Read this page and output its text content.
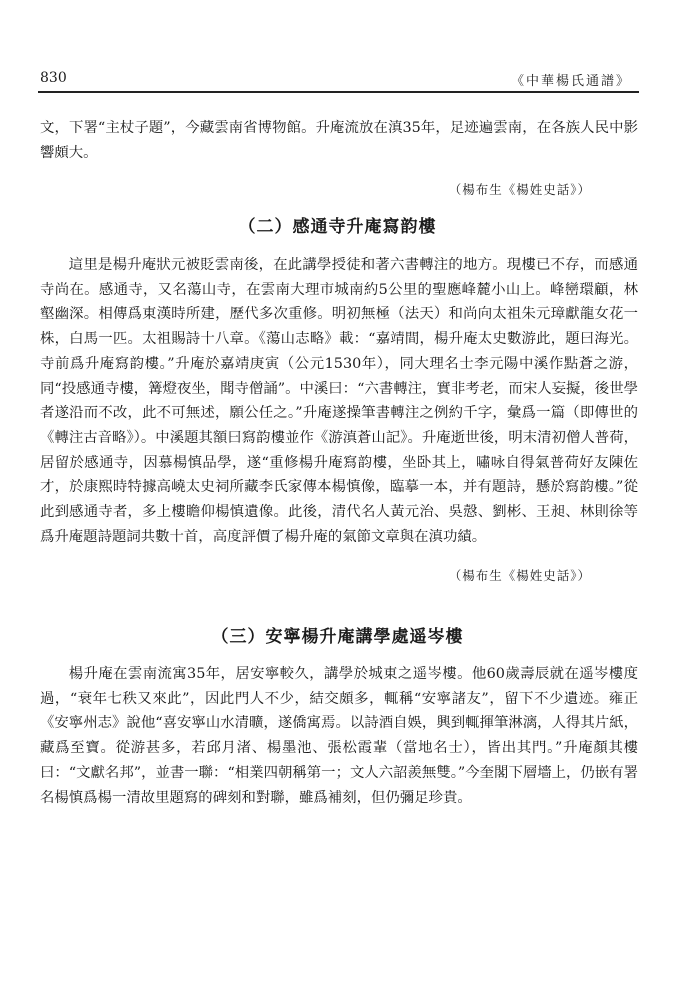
830	《中華楊氏通譜》
文，下署“主杖子題”，今藏雲南省博物館。升庵流放在滇35年，足迹遍雲南，在各族人民中影響頗大。
（楊布生《楊姓史話》）
（二）感通寺升庵寫韵樓
這里是楊升庵狀元被貶雲南後，在此講學授徒和著六書轉注的地方。現樓已不存，而感通寺尚在。感通寺，又名蕩山寺，在雲南大理市城南約5公里的聖應峰麓小山上。峰巒環顧，林壑幽深。相傳爲東漢時所建，歷代多次重修。明初無極（法天）和尚向太祖朱元璋獻龍女花一株，白馬一匹。太祖賜詩十八章。《蕩山志略》載：“嘉靖間，楊升庵太史數游此，題曰海光。寺前爲升庵寫韵樓。”升庵於嘉靖庚寅（公元1530年），同大理名士李元陽中溪作點蒼之游，同“投感通寺樓，篝燈夜坐，聞寺僧誦”。中溪曰：“六書轉注，實非考老，而宋人妄擬，後世學者遂沿而不改，此不可無述，願公任之。”升庵遂操筆書轉注之例約千字，彙爲一篇（即傳世的《轉注古音略》）。中溪題其額曰寫韵樓並作《游滇蒼山記》。升庵逝世後，明末清初僧人普荷，居留於感通寺，因慕楊慎品學，遂“重修楊升庵寫韵樓，坐卧其上，嘯咏自得氣普荷好友陳佐才，於康熙時特據高嶢太史祠所藏李氏家傳本楊慎像，臨摹一本，并有題詩，懸於寫韵樓。”從此到感通寺者，多上樓瞻仰楊慎遺像。此後，清代名人黃元治、吳慤、劉彬、王昶、林則徐等爲升庵題詩題詞共數十首，高度評價了楊升庵的氣節文章與在滇功績。
（楊布生《楊姓史話》）
（三）安寧楊升庵講學處遥岑樓
楊升庵在雲南流寓35年，居安寧較久，講學於城東之遥岑樓。他60歲壽辰就在遥岑樓度過，“衰年七秩又來此”，因此門人不少，結交頗多，輒稱“安寧諸友”，留下不少遺迹。雍正《安寧州志》說他“喜安寧山水清曠，遂僑寓焉。以詩酒自娛，興到輒揮筆淋漓，人得其片紙，藏爲至寶。從游甚多，若邱月渚、楊墨池、張松霞輩（當地名士），皆出其門。”升庵顏其樓曰：“文獻名邦”，並書一聯：“相業四朝稱第一；文人六詔羨無雙。”今奎閣下層墻上，仍嵌有署名楊慎爲楊一清故里題寫的碑刻和對聯，雖爲補刻，但仍彌足珍貴。
